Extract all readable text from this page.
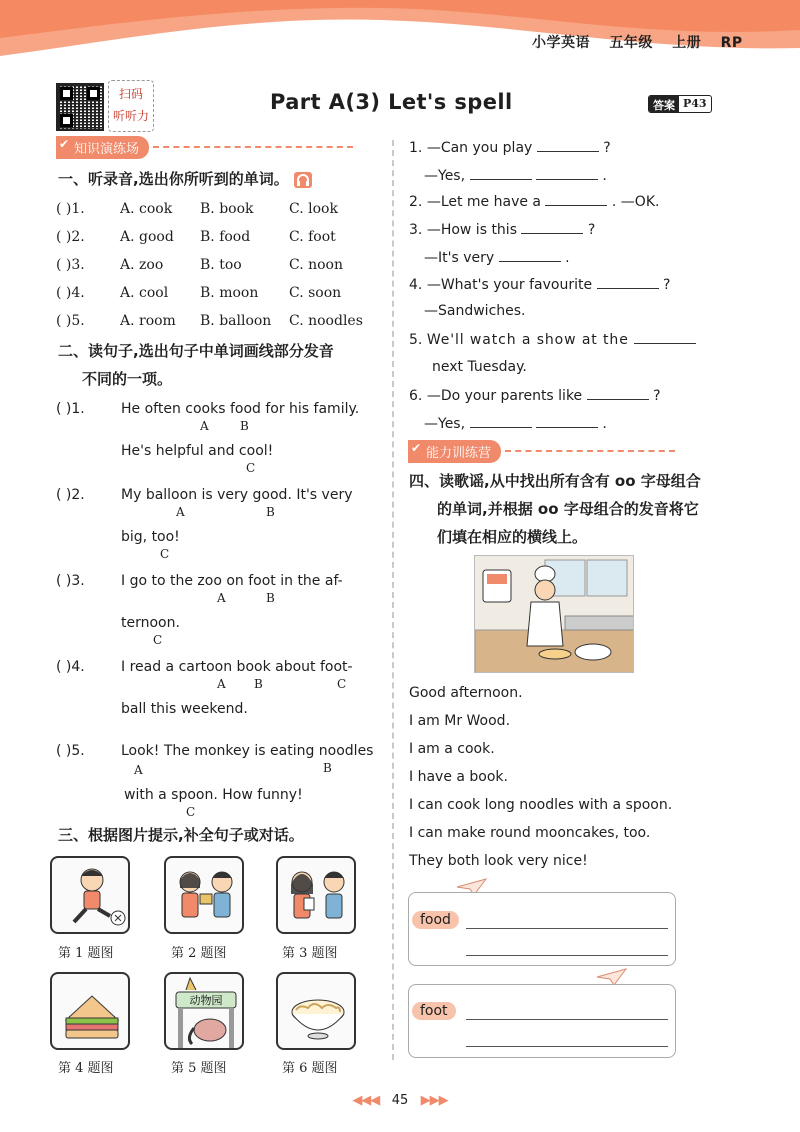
小学英语 五年级 上册 RP
扫码
听听力
Part A(3) Let's spell	答案 P43
✔ 知识演练场
一、听录音,选出你所听到的单词。
( )1.	A. cook B. book	C. look
( )2.	A. good B. food	C. foot
( )3.	A. zoo	B. too	C. noon
( )4.	A. cool B. moon C. soon
( )5.	A. room B. balloon C. noodles
二、读句子,选出句子中单词画线部分发音
不同的一项。
( )1.	He often cooks food for his family.
He's helpful and cool!
A	B
C
( )2.	My balloon is very good. It's very
big, too!
A	B
C
( )3.	I go to the zoo on foot in the af-
ternoon.
A	B
C
( )4.	I read a cartoon book about foot-
ball this weekend.
A B	C
( )5.	Look! The monkey is eating noodles
with a spoon. How funny!
A	B
C
三、根据图片提示,补全句子或对话。
第 1 题图	第 2 题图	第 3 题图
动物园
第 4 题图	第 5 题图	第 6 题图
1. —Can you play	?
—Yes,	.
2. —Let me have a	. —OK.
3. —How is this	?
—It's very	.
4. —What's your favourite	?
—Sandwiches.
5. We'll watch a show at the
next Tuesday.
6. —Do your parents like	?
—Yes,	.
✔ 能力训练营
四、读歌谣,从中找出所有含有 oo 字母组合
的单词,并根据 oo 字母组合的发音将它
们填在相应的横线上。
Good afternoon.
I am Mr Wood.
I am a cook.
I have a book.
I can cook long noodles with a spoon.
I can make round mooncakes, too.
They both look very nice!
food
foot
◀◀◀ 45 ▶▶▶
